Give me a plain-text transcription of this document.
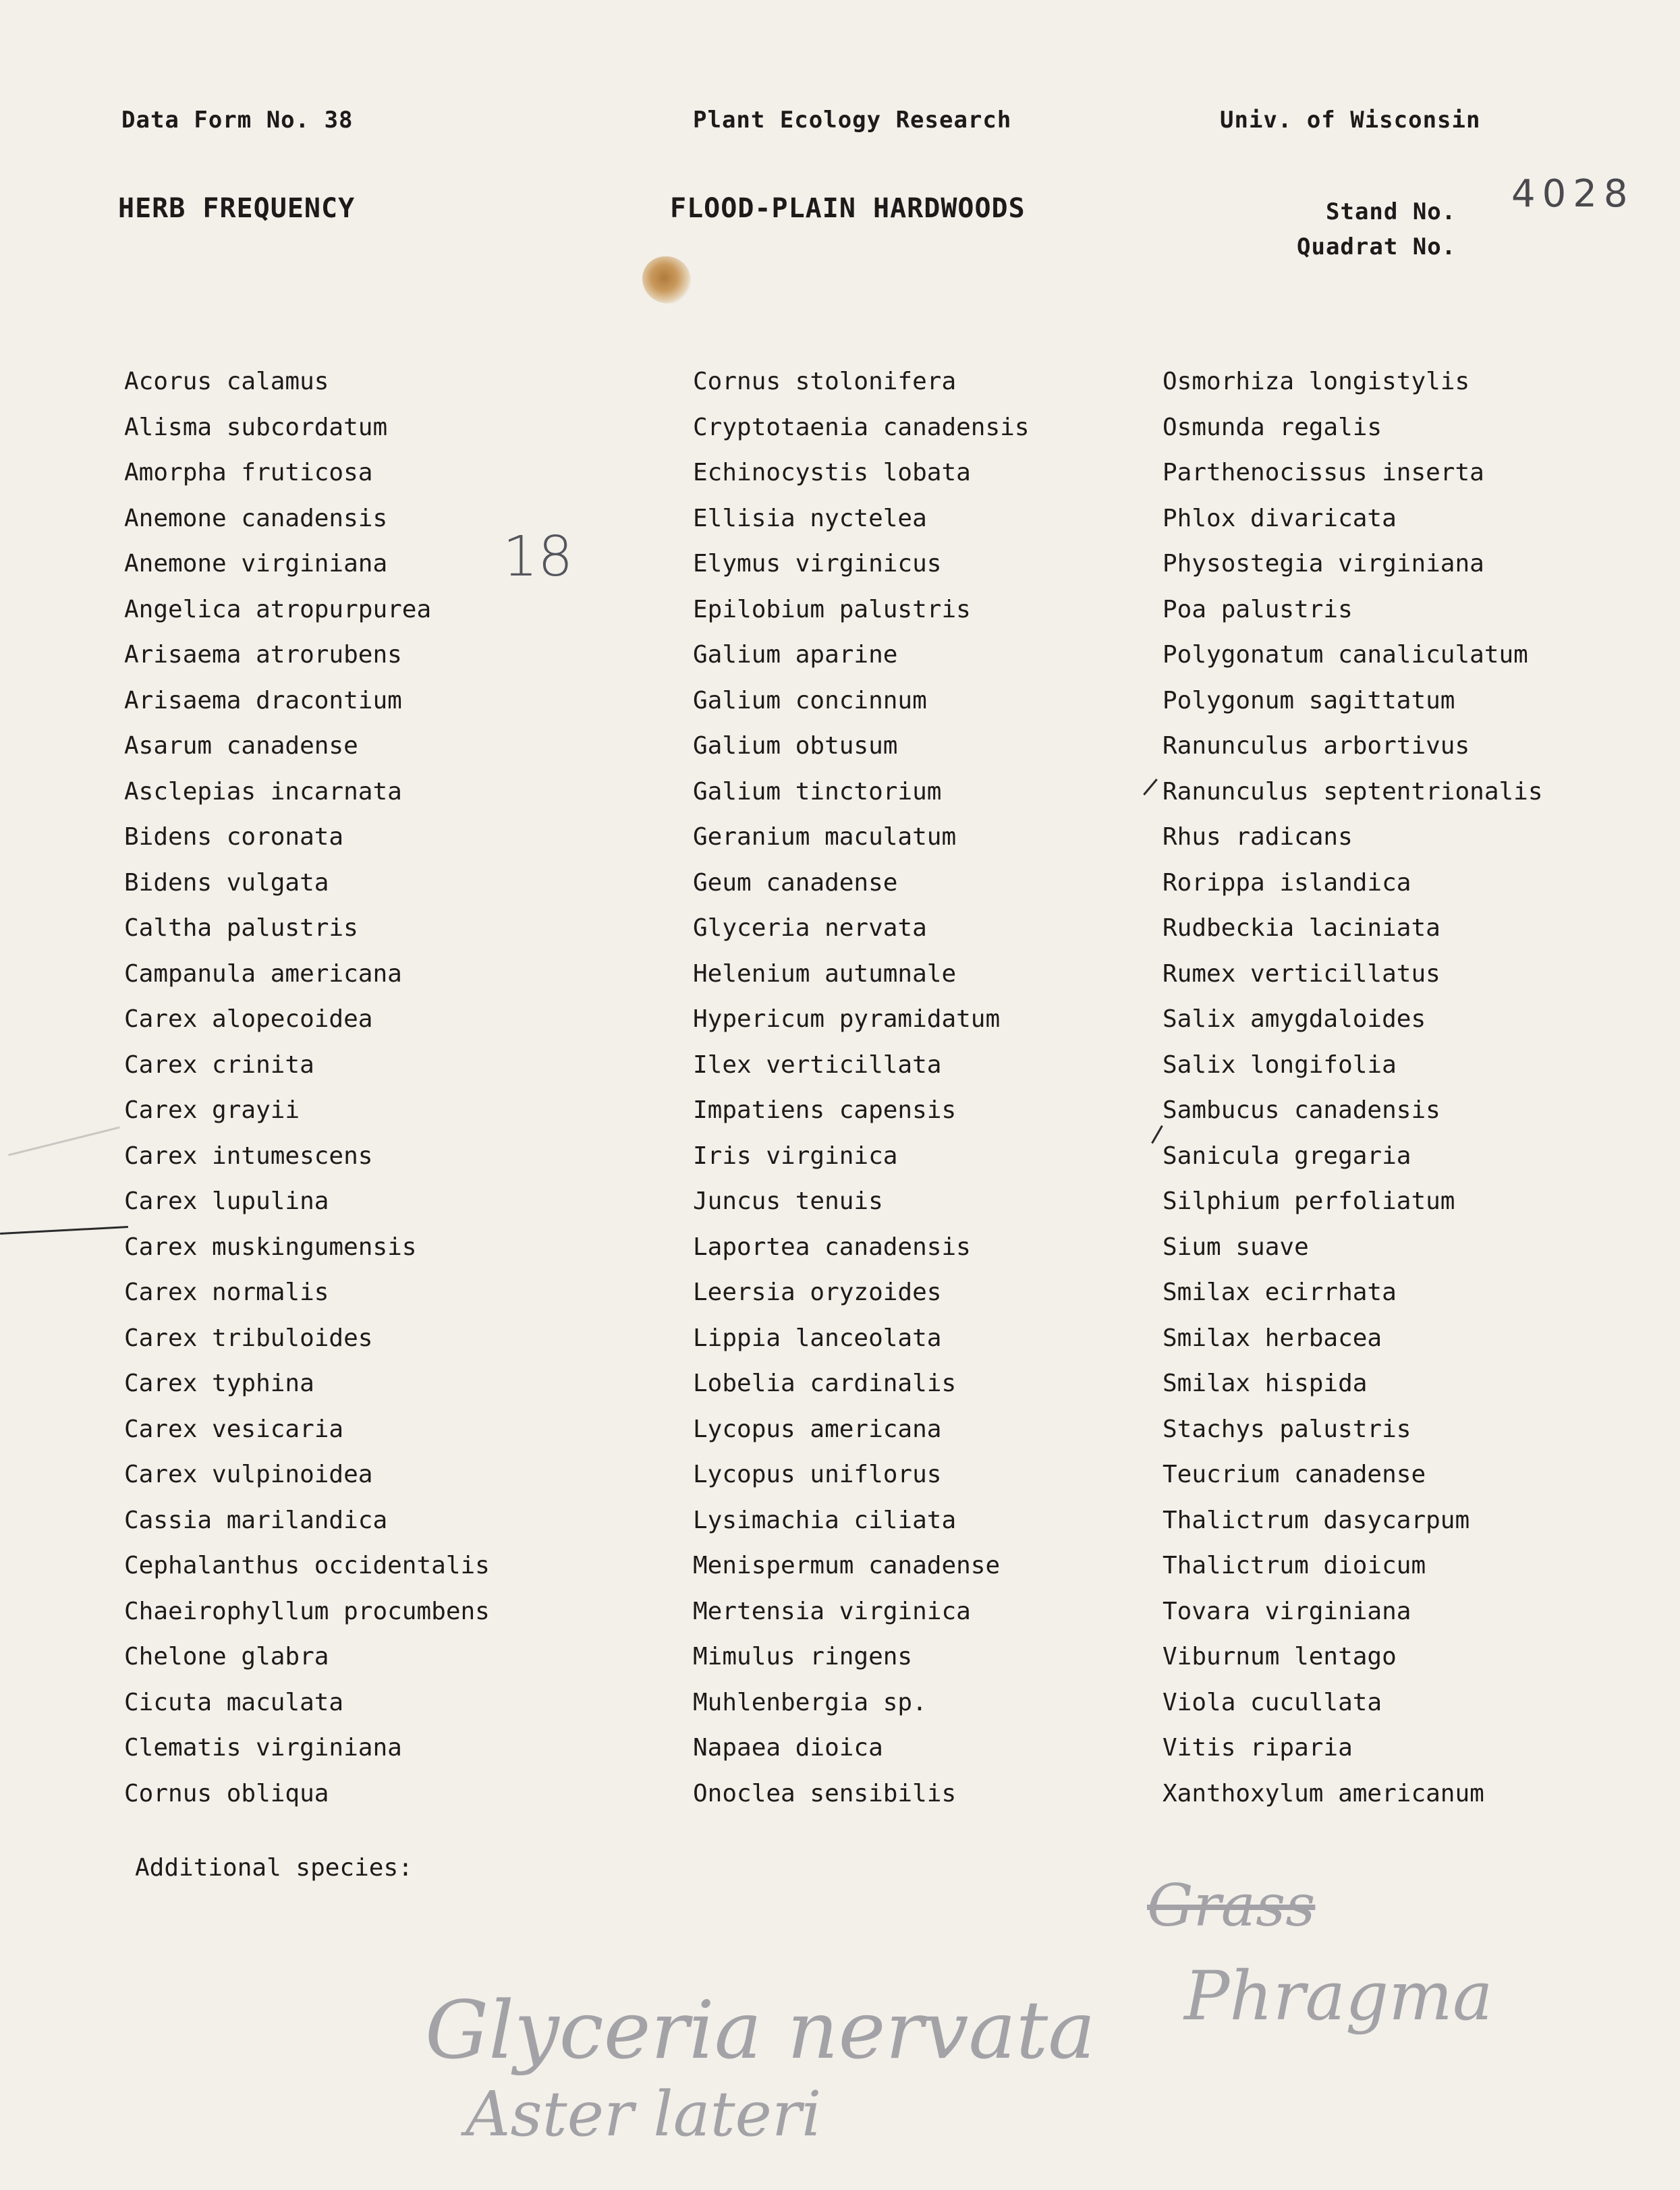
Data Form No. 38	Plant Ecology Research	Univ. of Wisconsin
HERB FREQUENCY	FLOOD-PLAIN HARDWOODS	Stand No.
Quadrat No.
4028
18
Acorus calamus
Alisma subcordatum
Amorpha fruticosa
Anemone canadensis
Anemone virginiana
Angelica atropurpurea
Arisaema atrorubens
Arisaema dracontium
Asarum canadense
Asclepias incarnata
Bidens coronata
Bidens vulgata
Caltha palustris
Campanula americana
Carex alopecoidea
Carex crinita
Carex grayii
Carex intumescens
Carex lupulina
Carex muskingumensis
Carex normalis
Carex tribuloides
Carex typhina
Carex vesicaria
Carex vulpinoidea
Cassia marilandica
Cephalanthus occidentalis
Chaeirophyllum procumbens
Chelone glabra
Cicuta maculata
Clematis virginiana
Cornus obliqua
Cornus stolonifera
Cryptotaenia canadensis
Echinocystis lobata
Ellisia nyctelea
Elymus virginicus
Epilobium palustris
Galium aparine
Galium concinnum
Galium obtusum
Galium tinctorium
Geranium maculatum
Geum canadense
Glyceria nervata
Helenium autumnale
Hypericum pyramidatum
Ilex verticillata
Impatiens capensis
Iris virginica
Juncus tenuis
Laportea canadensis
Leersia oryzoides
Lippia lanceolata
Lobelia cardinalis
Lycopus americana
Lycopus uniflorus
Lysimachia ciliata
Menispermum canadense
Mertensia virginica
Mimulus ringens
Muhlenbergia sp.
Napaea dioica
Onoclea sensibilis
Osmorhiza longistylis
Osmunda regalis
Parthenocissus inserta
Phlox divaricata
Physostegia virginiana
Poa palustris
Polygonatum canaliculatum
Polygonum sagittatum
Ranunculus arbortivus
Ranunculus septentrionalis
Rhus radicans
Rorippa islandica
Rudbeckia laciniata
Rumex verticillatus
Salix amygdaloides
Salix longifolia
Sambucus canadensis
Sanicula gregaria
Silphium perfoliatum
Sium suave
Smilax ecirrhata
Smilax herbacea
Smilax hispida
Stachys palustris
Teucrium canadense
Thalictrum dasycarpum
Thalictrum dioicum
Tovara virginiana
Viburnum lentago
Viola cucullata
Vitis riparia
Xanthoxylum americanum
Additional species:
Glyceria nervata
Aster lateri
Grass
Phragma
